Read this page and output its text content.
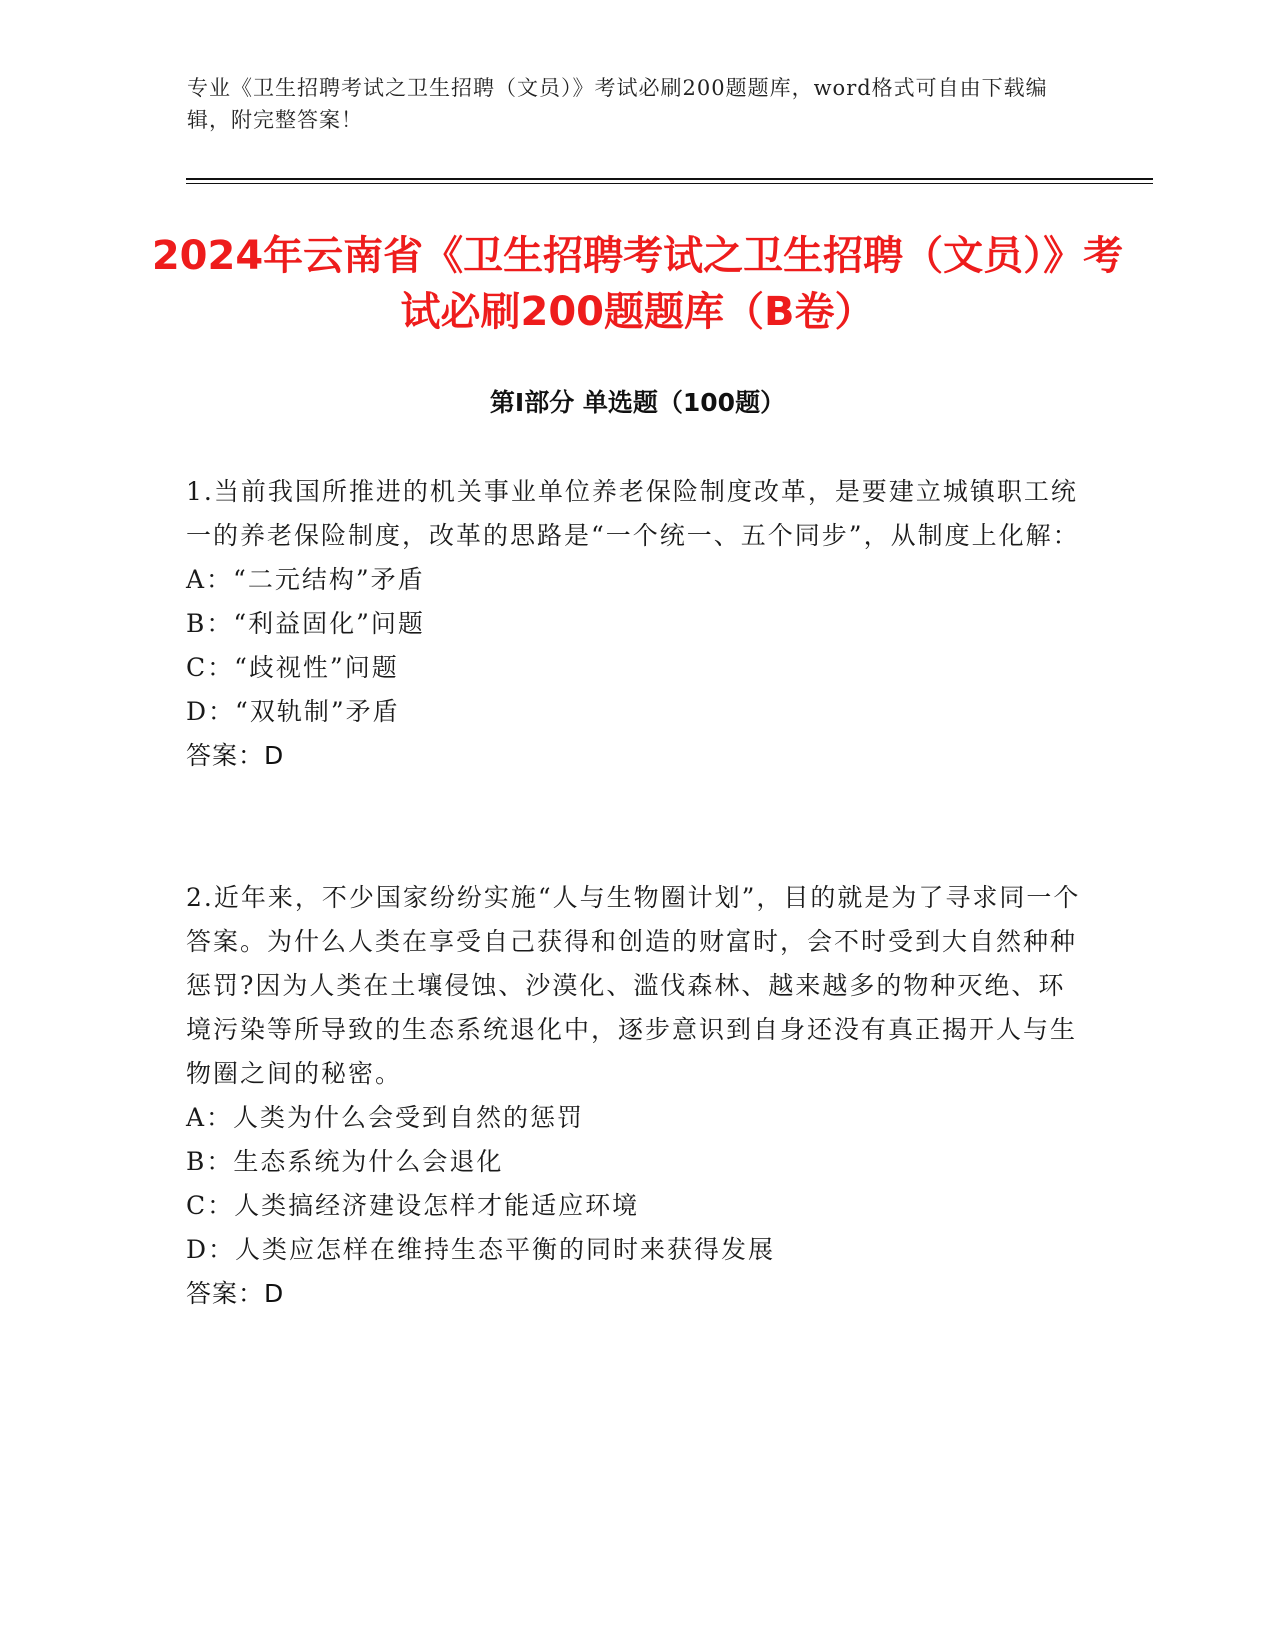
专业《卫生招聘考试之卫生招聘（文员）》考试必刷200题题库，word格式可自由下载编辑，附完整答案！
2024年云南省《卫生招聘考试之卫生招聘（文员）》考试必刷200题题库（B卷）
第Ⅰ部分 单选题（100题）

1.当前我国所推进的机关事业单位养老保险制度改革，是要建立城镇职工统一的养老保险制度，改革的思路是“一个统一、五个同步”，从制度上化解：

A：“二元结构”矛盾

B：“利益固化”问题

C：“歧视性”问题

D：“双轨制”矛盾

答案：D

2.近年来，不少国家纷纷实施“人与生物圈计划”，目的就是为了寻求同一个答案。为什么人类在享受自己获得和创造的财富时，会不时受到大自然种种惩罚?因为人类在土壤侵蚀、沙漠化、滥伐森林、越来越多的物种灭绝、环境污染等所导致的生态系统退化中，逐步意识到自身还没有真正揭开人与生物圈之间的秘密。

A：人类为什么会受到自然的惩罚

B：生态系统为什么会退化

C：人类搞经济建设怎样才能适应环境

D：人类应怎样在维持生态平衡的同时来获得发展

答案：D
